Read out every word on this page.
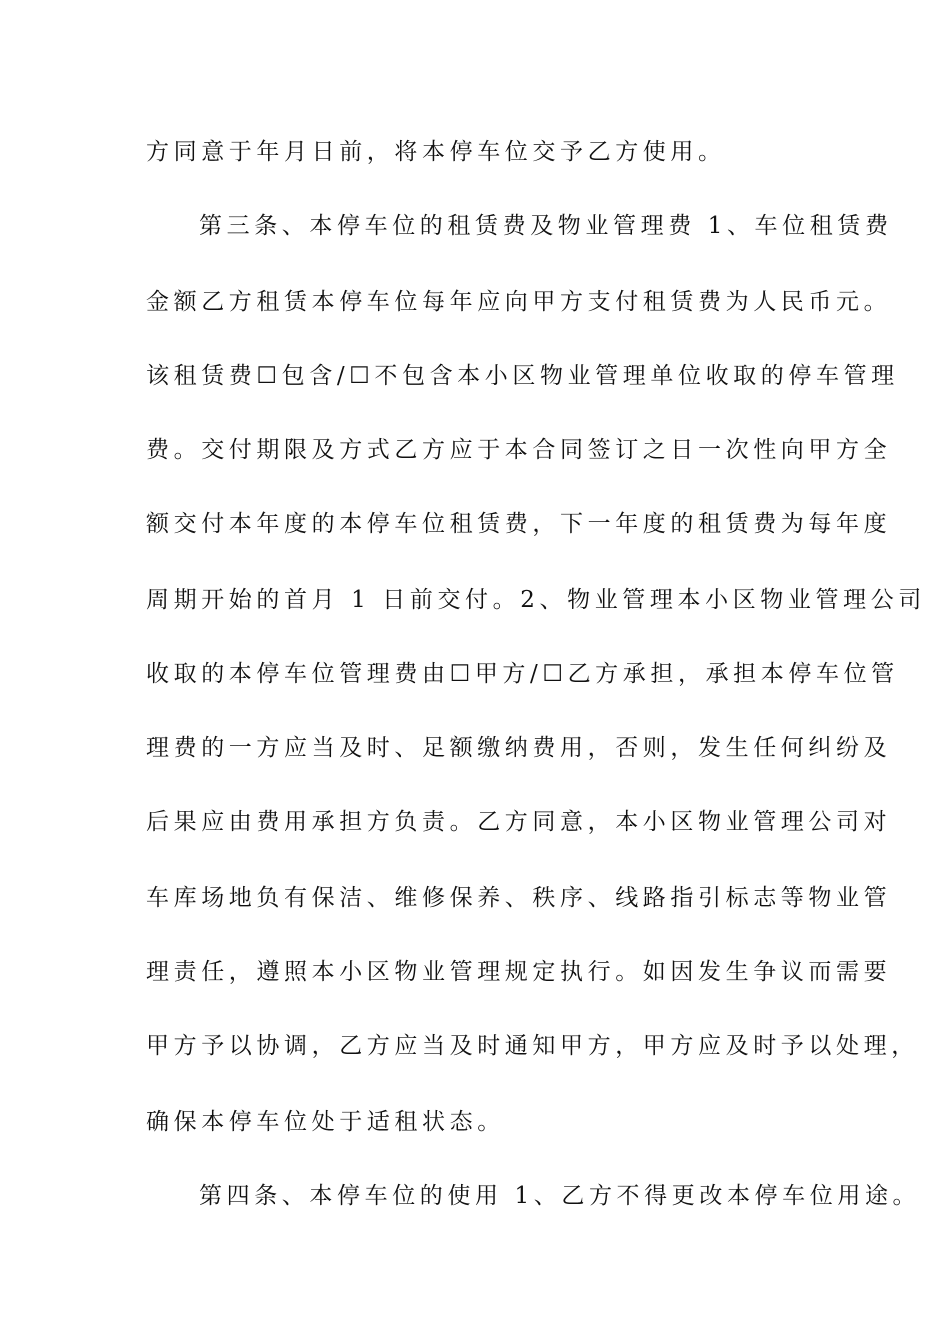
方同意于年月日前，将本停车位交予乙方使用。
第三条、本停车位的租赁费及物业管理费 1、车位租赁费
金额乙方租赁本停车位每年应向甲方支付租赁费为人民币元。
该租赁费☐包含/☐不包含本小区物业管理单位收取的停车管理
费。交付期限及方式乙方应于本合同签订之日一次性向甲方全
额交付本年度的本停车位租赁费，下一年度的租赁费为每年度
周期开始的首月 1 日前交付。2、物业管理本小区物业管理公司
收取的本停车位管理费由☐甲方/☐乙方承担，承担本停车位管
理费的一方应当及时、足额缴纳费用，否则，发生任何纠纷及
后果应由费用承担方负责。乙方同意，本小区物业管理公司对
车库场地负有保洁、维修保养、秩序、线路指引标志等物业管
理责任，遵照本小区物业管理规定执行。如因发生争议而需要
甲方予以协调，乙方应当及时通知甲方，甲方应及时予以处理，
确保本停车位处于适租状态。
第四条、本停车位的使用 1、乙方不得更改本停车位用途。
